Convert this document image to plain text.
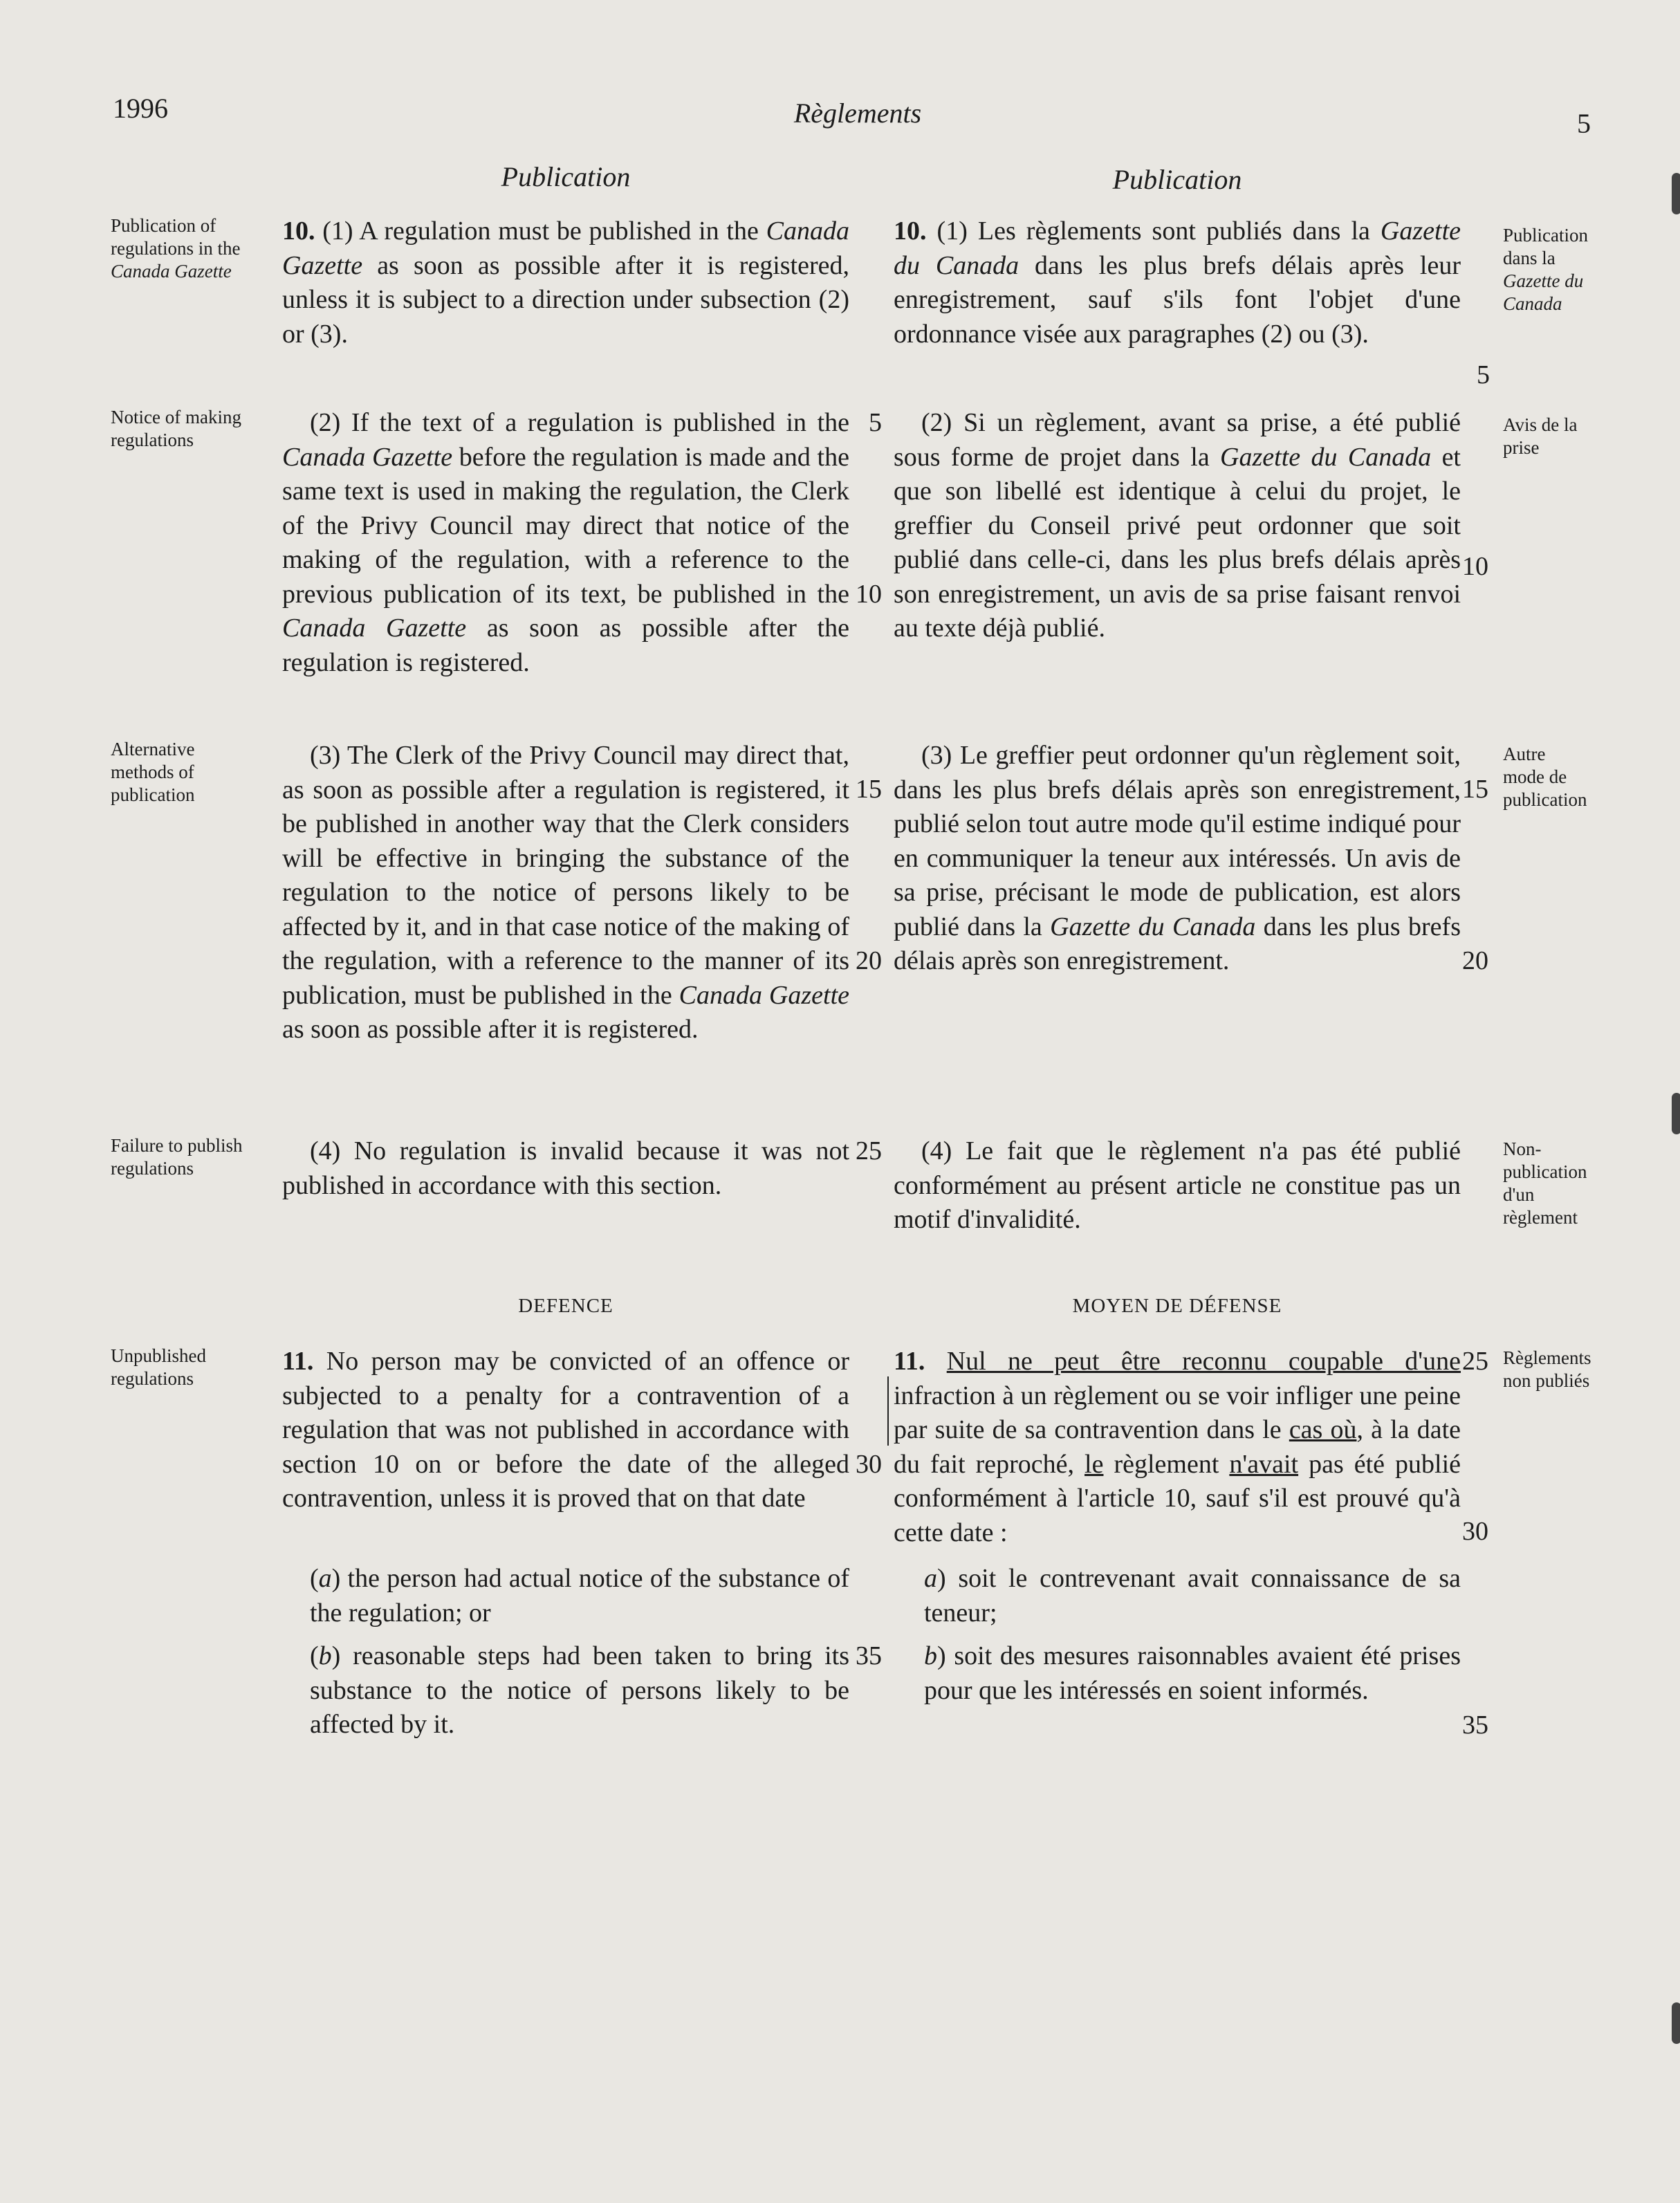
1996	Règlements	5
Publication	Publication
Publication of regulations in the Canada Gazette
Notice of making regulations
Alternative methods of publication
Failure to publish regulations
Unpublished regulations
Publication dans la Gazette du Canada
Avis de la prise
Autre mode de publication
Non-publication d'un règlement
Règlements non publiés
10. (1) A regulation must be published in the Canada Gazette as soon as possible after it is registered, unless it is subject to a direction under subsection (2) or (3).
(2) If the text of a regulation is published in the Canada Gazette before the regulation is made and the same text is used in making the regulation, the Clerk of the Privy Council may direct that notice of the making of the regulation, with a reference to the previous publication of its text, be published in the Canada Gazette as soon as possible after the regulation is registered.
(3) The Clerk of the Privy Council may direct that, as soon as possible after a regulation is registered, it be published in another way that the Clerk considers will be effective in bringing the substance of the regulation to the notice of persons likely to be affected by it, and in that case notice of the making of the regulation, with a reference to the manner of its publication, must be published in the Canada Gazette as soon as possible after it is registered.
(4) No regulation is invalid because it was not published in accordance with this section.
DEFENCE
11. No person may be convicted of an offence or subjected to a penalty for a contravention of a regulation that was not published in accordance with section 10 on or before the date of the alleged contravention, unless it is proved that on that date
(a) the person had actual notice of the substance of the regulation; or
(b) reasonable steps had been taken to bring its substance to the notice of persons likely to be affected by it.
5
10
15
20
25
30
35
10. (1) Les règlements sont publiés dans la Gazette du Canada dans les plus brefs délais après leur enregistrement, sauf s'ils font l'objet d'une ordonnance visée aux paragraphes (2) ou (3).
(2) Si un règlement, avant sa prise, a été publié sous forme de projet dans la Gazette du Canada et que son libellé est identique à celui du projet, le greffier du Conseil privé peut ordonner que soit publié dans celle-ci, dans les plus brefs délais après son enregistrement, un avis de sa prise faisant renvoi au texte déjà publié.
(3) Le greffier peut ordonner qu'un règlement soit, dans les plus brefs délais après son enregistrement, publié selon tout autre mode qu'il estime indiqué pour en communiquer la teneur aux intéressés. Un avis de sa prise, précisant le mode de publication, est alors publié dans la Gazette du Canada dans les plus brefs délais après son enregistrement.
(4) Le fait que le règlement n'a pas été publié conformément au présent article ne constitue pas un motif d'invalidité.
MOYEN DE DÉFENSE
11. Nul ne peut être reconnu coupable d'une infraction à un règlement ou se voir infliger une peine par suite de sa contravention dans le cas où, à la date du fait reproché, le règlement n'avait pas été publié conformément à l'article 10, sauf s'il est prouvé qu'à cette date :
a) soit le contrevenant avait connaissance de sa teneur;
b) soit des mesures raisonnables avaient été prises pour que les intéressés en soient informés.
5
10
15
20
25
30
35
